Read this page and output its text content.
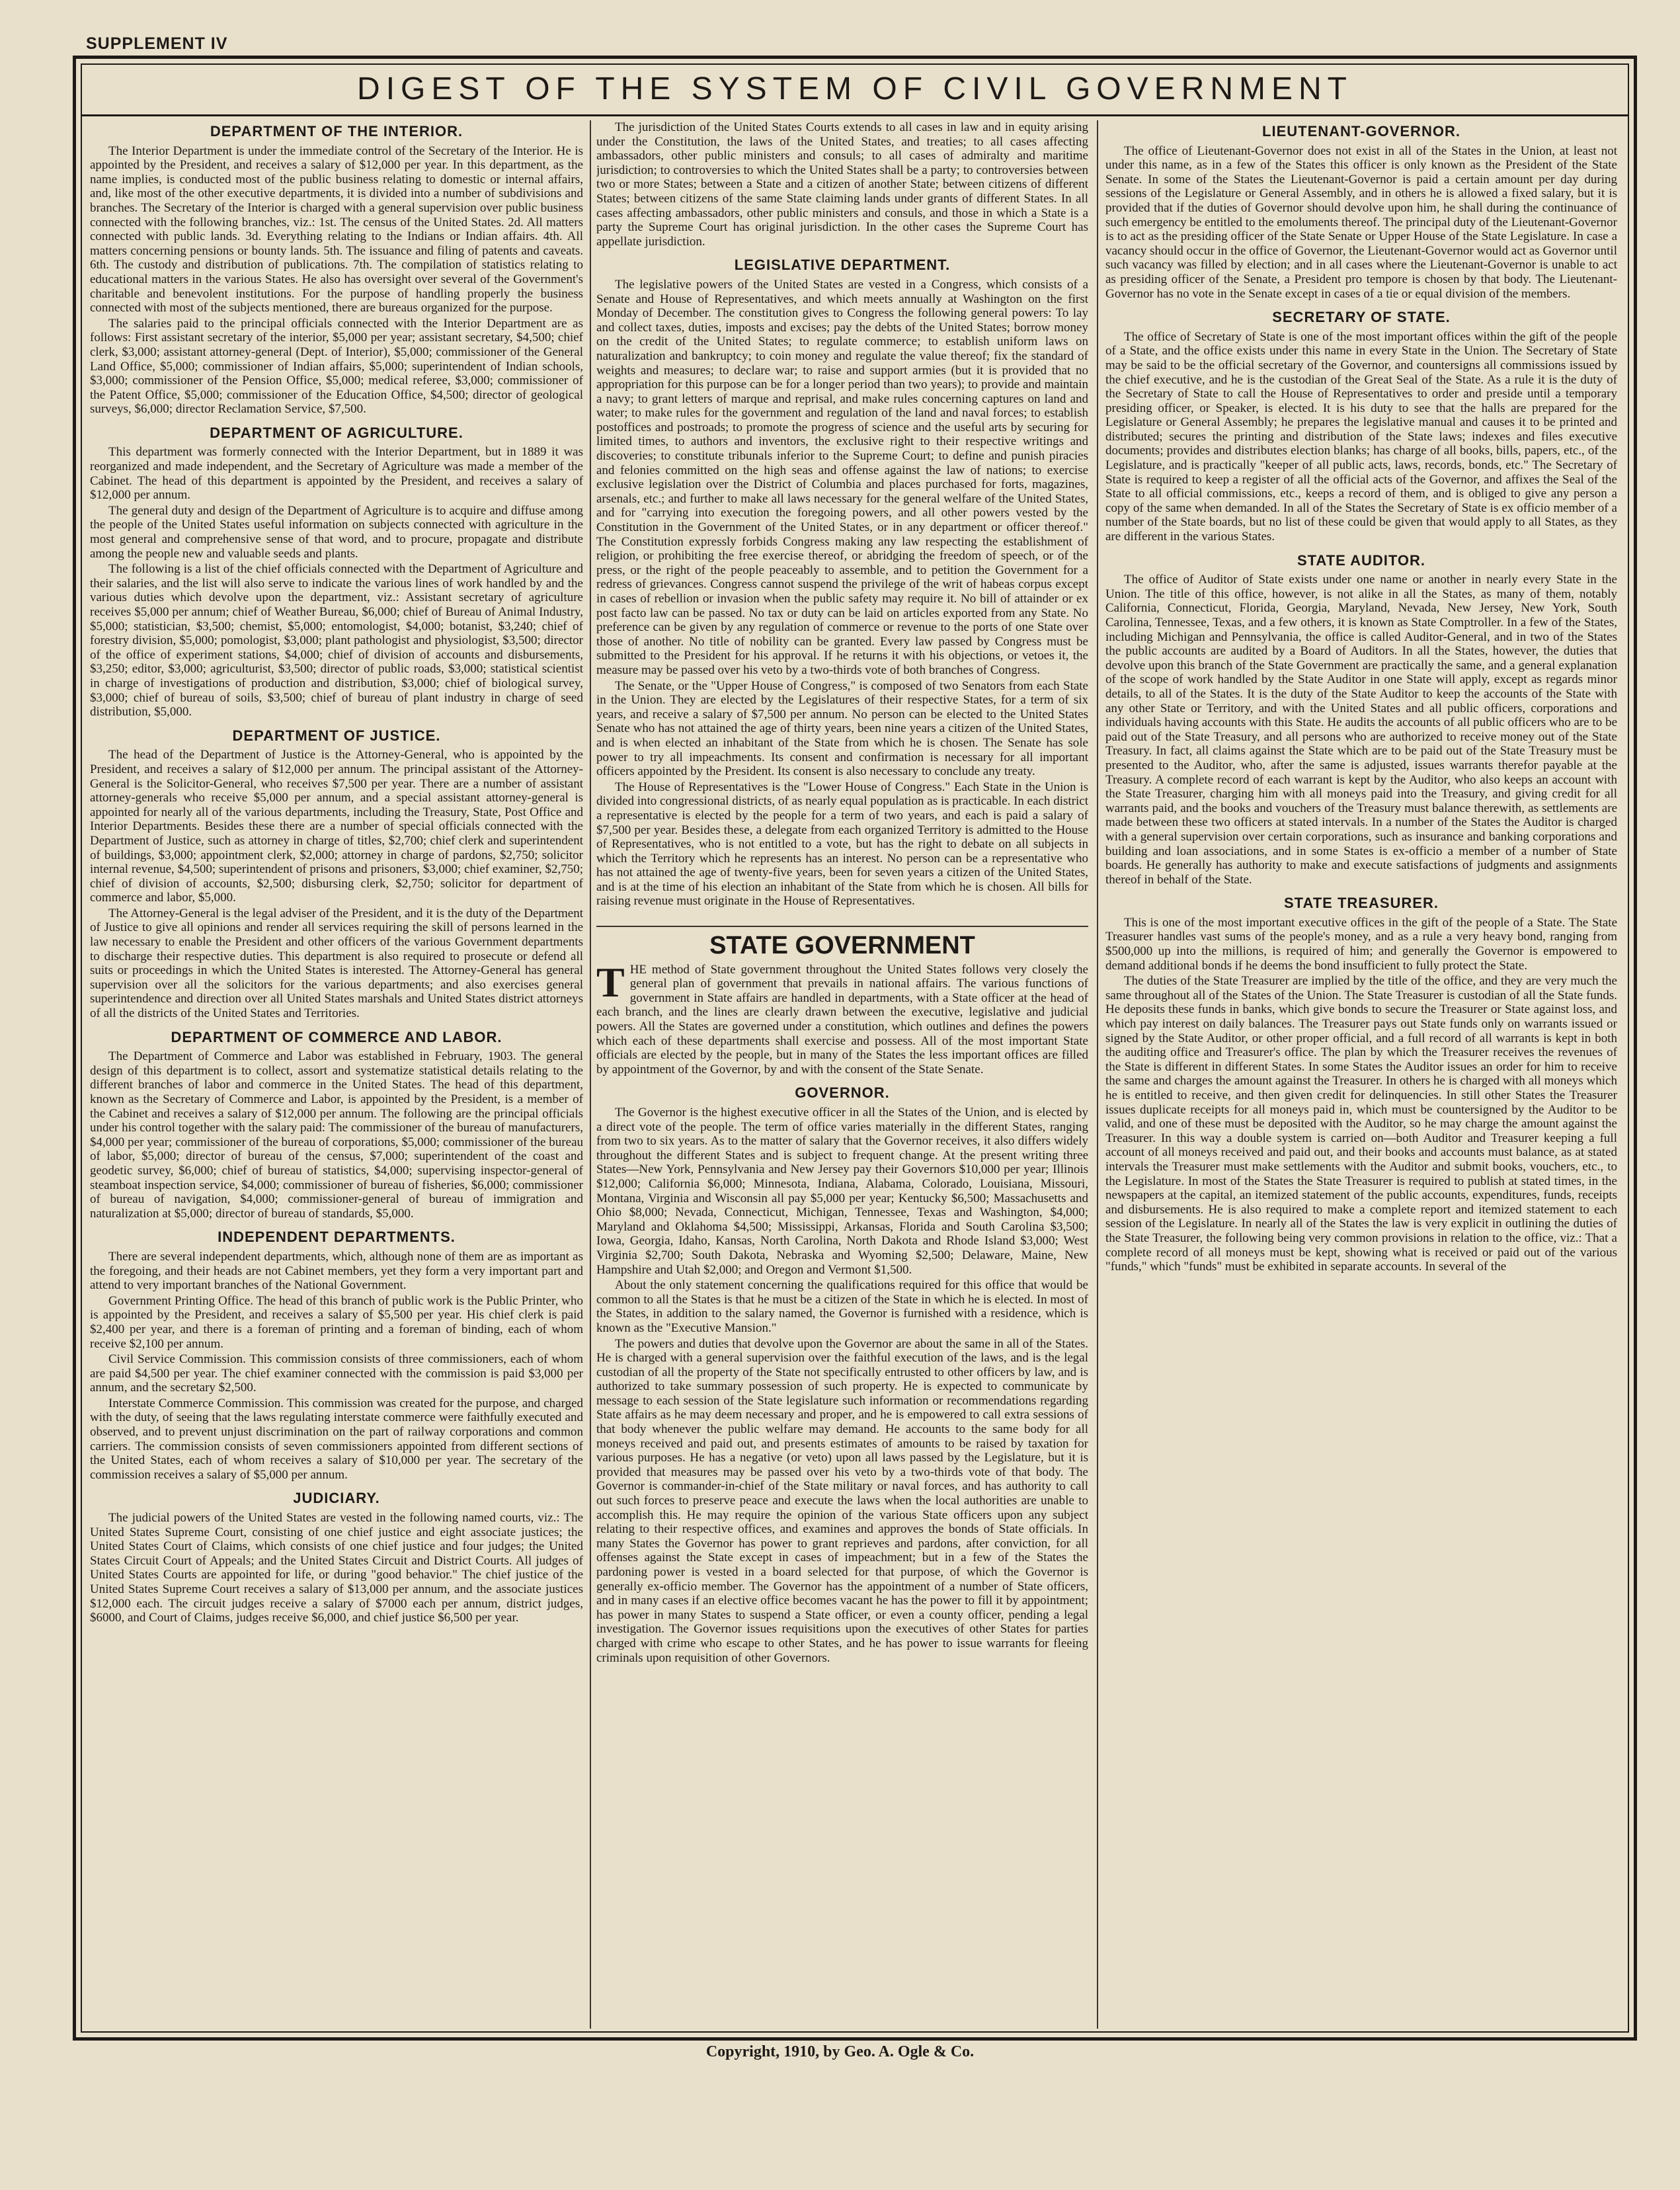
SUPPLEMENT IV
DIGEST OF THE SYSTEM OF CIVIL GOVERNMENT
DEPARTMENT OF THE INTERIOR.

The Interior Department is under the immediate control of the Secretary of the Interior. He is appointed by the President, and receives a salary of $12,000 per year. In this department, as the name implies, is conducted most of the public business relating to domestic or internal affairs, and, like most of the other executive departments, it is divided into a number of subdivisions and branches. The Secretary of the Interior is charged with a general supervision over public business connected with the following branches, viz.: 1st. The census of the United States. 2d. All matters connected with public lands. 3d. Everything relating to the Indians or Indian affairs. 4th. All matters concerning pensions or bounty lands. 5th. The issuance and filing of patents and caveats. 6th. The custody and distribution of publications. 7th. The compilation of statistics relating to educational matters in the various States. He also has oversight over several of the Government's charitable and benevolent institutions. For the purpose of handling properly the business connected with most of the subjects mentioned, there are bureaus organized for the purpose.

The salaries paid to the principal officials connected with the Interior Department are as follows: First assistant secretary of the interior, $5,000 per year; assistant secretary, $4,500; chief clerk, $3,000; assistant attorney-general (Dept. of Interior), $5,000; commissioner of the General Land Office, $5,000; commissioner of Indian affairs, $5,000; superintendent of Indian schools, $3,000; commissioner of the Pension Office, $5,000; medical referee, $3,000; commissioner of the Patent Office, $5,000; commissioner of the Education Office, $4,500; director of geological surveys, $6,000; director Reclamation Service, $7,500.

DEPARTMENT OF AGRICULTURE.

This department was formerly connected with the Interior Department, but in 1889 it was reorganized and made independent, and the Secretary of Agriculture was made a member of the Cabinet. The head of this department is appointed by the President, and receives a salary of $12,000 per annum.

The general duty and design of the Department of Agriculture is to acquire and diffuse among the people of the United States useful information on subjects connected with agriculture in the most general and comprehensive sense of that word, and to procure, propagate and distribute among the people new and valuable seeds and plants.

The following is a list of the chief officials connected with the Department of Agriculture and their salaries, and the list will also serve to indicate the various lines of work handled by and the various duties which devolve upon the department, viz.: Assistant secretary of agriculture receives $5,000 per annum; chief of Weather Bureau, $6,000; chief of Bureau of Animal Industry, $5,000; statistician, $3,500; chemist, $5,000; entomologist, $4,000; botanist, $3,240; chief of forestry division, $5,000; pomologist, $3,000; plant pathologist and physiologist, $3,500; director of the office of experiment stations, $4,000; chief of division of accounts and disbursements, $3,250; editor, $3,000; agriculturist, $3,500; director of public roads, $3,000; statistical scientist in charge of investigations of production and distribution, $3,000; chief of biological survey, $3,000; chief of bureau of soils, $3,500; chief of bureau of plant industry in charge of seed distribution, $5,000.

DEPARTMENT OF JUSTICE.

The head of the Department of Justice is the Attorney-General, who is appointed by the President, and receives a salary of $12,000 per annum. The principal assistant of the Attorney-General is the Solicitor-General, who receives $7,500 per year. There are a number of assistant attorney-generals who receive $5,000 per annum, and a special assistant attorney-general is appointed for nearly all of the various departments, including the Treasury, State, Post Office and Interior Departments. Besides these there are a number of special officials connected with the Department of Justice, such as attorney in charge of titles, $2,700; chief clerk and superintendent of buildings, $3,000; appointment clerk, $2,000; attorney in charge of pardons, $2,750; solicitor internal revenue, $4,500; superintendent of prisons and prisoners, $3,000; chief examiner, $2,750; chief of division of accounts, $2,500; disbursing clerk, $2,750; solicitor for department of commerce and labor, $5,000.

The Attorney-General is the legal adviser of the President, and it is the duty of the Department of Justice to give all opinions and render all services requiring the skill of persons learned in the law necessary to enable the President and other officers of the various Government departments to discharge their respective duties. This department is also required to prosecute or defend all suits or proceedings in which the United States is interested. The Attorney-General has general supervision over all the solicitors for the various departments; and also exercises general superintendence and direction over all United States marshals and United States district attorneys of all the districts of the United States and Territories.

DEPARTMENT OF COMMERCE AND LABOR.

The Department of Commerce and Labor was established in February, 1903. The general design of this department is to collect, assort and systematize statistical details relating to the different branches of labor and commerce in the United States. The head of this department, known as the Secretary of Commerce and Labor, is appointed by the President, is a member of the Cabinet and receives a salary of $12,000 per annum. The following are the principal officials under his control together with the salary paid: The commissioner of the bureau of manufacturers, $4,000 per year; commissioner of the bureau of corporations, $5,000; commissioner of the bureau of labor, $5,000; director of bureau of the census, $7,000; superintendent of the coast and geodetic survey, $6,000; chief of bureau of statistics, $4,000; supervising inspector-general of steamboat inspection service, $4,000; commissioner of bureau of fisheries, $6,000; commissioner of bureau of navigation, $4,000; commissioner-general of bureau of immigration and naturalization at $5,000; director of bureau of standards, $5,000.

INDEPENDENT DEPARTMENTS.

There are several independent departments, which, although none of them are as important as the foregoing, and their heads are not Cabinet members, yet they form a very important part and attend to very important branches of the National Government.

Government Printing Office. The head of this branch of public work is the Public Printer, who is appointed by the President, and receives a salary of $5,500 per year. His chief clerk is paid $2,400 per year, and there is a foreman of printing and a foreman of binding, each of whom receive $2,100 per annum.

Civil Service Commission. This commission consists of three commissioners, each of whom are paid $4,500 per year. The chief examiner connected with the commission is paid $3,000 per annum, and the secretary $2,500.

Interstate Commerce Commission. This commission was created for the purpose, and charged with the duty, of seeing that the laws regulating interstate commerce were faithfully executed and observed, and to prevent unjust discrimination on the part of railway corporations and common carriers. The commission consists of seven commissioners appointed from different sections of the United States, each of whom receives a salary of $10,000 per year. The secretary of the commission receives a salary of $5,000 per annum.

JUDICIARY.

The judicial powers of the United States are vested in the following named courts, viz.: The United States Supreme Court, consisting of one chief justice and eight associate justices; the United States Court of Claims, which consists of one chief justice and four judges; the United States Circuit Court of Appeals; and the United States Circuit and District Courts. All judges of United States Courts are appointed for life, or during "good behavior." The chief justice of the United States Supreme Court receives a salary of $13,000 per annum, and the associate justices $12,000 each. The circuit judges receive a salary of $7000 each per annum, district judges, $6000, and Court of Claims, judges receive $6,000, and chief justice $6,500 per year.

The jurisdiction of the United States Courts extends to all cases in law and in equity arising under the Constitution, the laws of the United States, and treaties; to all cases affecting ambassadors, other public ministers and consuls; to all cases of admiralty and maritime jurisdiction; to controversies to which the United States shall be a party; to controversies between two or more States; between a State and a citizen of another State; between citizens of different States; between citizens of the same State claiming lands under grants of different States. In all cases affecting ambassadors, other public ministers and consuls, and those in which a State is a party the Supreme Court has original jurisdiction. In the other cases the Supreme Court has appellate jurisdiction.

LEGISLATIVE DEPARTMENT.

The legislative powers of the United States are vested in a Congress, which consists of a Senate and House of Representatives, and which meets annually at Washington on the first Monday of December. The constitution gives to Congress the following general powers: To lay and collect taxes, duties, imposts and excises; pay the debts of the United States; borrow money on the credit of the United States; to regulate commerce; to establish uniform laws on naturalization and bankruptcy; to coin money and regulate the value thereof; fix the standard of weights and measures; to declare war; to raise and support armies (but it is provided that no appropriation for this purpose can be for a longer period than two years); to provide and maintain a navy; to grant letters of marque and reprisal, and make rules concerning captures on land and water; to make rules for the government and regulation of the land and naval forces; to establish postoffices and postroads; to promote the progress of science and the useful arts by securing for limited times, to authors and inventors, the exclusive right to their respective writings and discoveries; to constitute tribunals inferior to the Supreme Court; to define and punish piracies and felonies committed on the high seas and offense against the law of nations; to exercise exclusive legislation over the District of Columbia and places purchased for forts, magazines, arsenals, etc.; and further to make all laws necessary for the general welfare of the United States, and for "carrying into execution the foregoing powers, and all other powers vested by the Constitution in the Government of the United States, or in any department or officer thereof." The Constitution expressly forbids Congress making any law respecting the establishment of religion, or prohibiting the free exercise thereof, or abridging the freedom of speech, or of the press, or the right of the people peaceably to assemble, and to petition the Government for a redress of grievances. Congress cannot suspend the privilege of the writ of habeas corpus except in cases of rebellion or invasion when the public safety may require it. No bill of attainder or ex post facto law can be passed. No tax or duty can be laid on articles exported from any State. No preference can be given by any regulation of commerce or revenue to the ports of one State over those of another. No title of nobility can be granted. Every law passed by Congress must be submitted to the President for his approval. If he returns it with his objections, or vetoes it, the measure may be passed over his veto by a two-thirds vote of both branches of Congress.

The Senate, or the "Upper House of Congress," is composed of two Senators from each State in the Union. They are elected by the Legislatures of their respective States, for a term of six years, and receive a salary of $7,500 per annum. No person can be elected to the United States Senate who has not attained the age of thirty years, been nine years a citizen of the United States, and is when elected an inhabitant of the State from which he is chosen. The Senate has sole power to try all impeachments. Its consent and confirmation is necessary for all important officers appointed by the President. Its consent is also necessary to conclude any treaty.

The House of Representatives is the "Lower House of Congress." Each State in the Union is divided into congressional districts, of as nearly equal population as is practicable. In each district a representative is elected by the people for a term of two years, and each is paid a salary of $7,500 per year. Besides these, a delegate from each organized Territory is admitted to the House of Representatives, who is not entitled to a vote, but has the right to debate on all subjects in which the Territory which he represents has an interest. No person can be a representative who has not attained the age of twenty-five years, been for seven years a citizen of the United States, and is at the time of his election an inhabitant of the State from which he is chosen. All bills for raising revenue must originate in the House of Representatives.

STATE GOVERNMENT

THE method of State government throughout the United States follows very closely the general plan of government that prevails in national affairs. The various functions of government in State affairs are handled in departments, with a State officer at the head of each branch, and the lines are clearly drawn between the executive, legislative and judicial powers. All the States are governed under a constitution, which outlines and defines the powers which each of these departments shall exercise and possess. All of the most important State officials are elected by the people, but in many of the States the less important offices are filled by appointment of the Governor, by and with the consent of the State Senate.

GOVERNOR.

The Governor is the highest executive officer in all the States of the Union, and is elected by a direct vote of the people. The term of office varies materially in the different States, ranging from two to six years. As to the matter of salary that the Governor receives, it also differs widely throughout the different States and is subject to frequent change. At the present writing three States—New York, Pennsylvania and New Jersey pay their Governors $10,000 per year; Illinois $12,000; California $6,000; Minnesota, Indiana, Alabama, Colorado, Louisiana, Missouri, Montana, Virginia and Wisconsin all pay $5,000 per year; Kentucky $6,500; Massachusetts and Ohio $8,000; Nevada, Connecticut, Michigan, Tennessee, Texas and Washington, $4,000; Maryland and Oklahoma $4,500; Mississippi, Arkansas, Florida and South Carolina $3,500; Iowa, Georgia, Idaho, Kansas, North Carolina, North Dakota and Rhode Island $3,000; West Virginia $2,700; South Dakota, Nebraska and Wyoming $2,500; Delaware, Maine, New Hampshire and Utah $2,000; and Oregon and Vermont $1,500.

About the only statement concerning the qualifications required for this office that would be common to all the States is that he must be a citizen of the State in which he is elected. In most of the States, in addition to the salary named, the Governor is furnished with a residence, which is known as the "Executive Mansion."

The powers and duties that devolve upon the Governor are about the same in all of the States. He is charged with a general supervision over the faithful execution of the laws, and is the legal custodian of all the property of the State not specifically entrusted to other officers by law, and is authorized to take summary possession of such property. He is expected to communicate by message to each session of the State legislature such information or recommendations regarding State affairs as he may deem necessary and proper, and he is empowered to call extra sessions of that body whenever the public welfare may demand. He accounts to the same body for all moneys received and paid out, and presents estimates of amounts to be raised by taxation for various purposes. He has a negative (or veto) upon all laws passed by the Legislature, but it is provided that measures may be passed over his veto by a two-thirds vote of that body. The Governor is commander-in-chief of the State military or naval forces, and has authority to call out such forces to preserve peace and execute the laws when the local authorities are unable to accomplish this. He may require the opinion of the various State officers upon any subject relating to their respective offices, and examines and approves the bonds of State officials. In many States the Governor has power to grant reprieves and pardons, after conviction, for all offenses against the State except in cases of impeachment; but in a few of the States the pardoning power is vested in a board selected for that purpose, of which the Governor is generally ex-officio member. The Governor has the appointment of a number of State officers, and in many cases if an elective office becomes vacant he has the power to fill it by appointment; has power in many States to suspend a State officer, or even a county officer, pending a legal investigation. The Governor issues requisitions upon the executives of other States for parties charged with crime who escape to other States, and he has power to issue warrants for fleeing criminals upon requisition of other Governors.

LIEUTENANT-GOVERNOR.

The office of Lieutenant-Governor does not exist in all of the States in the Union, at least not under this name, as in a few of the States this officer is only known as the President of the State Senate. In some of the States the Lieutenant-Governor is paid a certain amount per day during sessions of the Legislature or General Assembly, and in others he is allowed a fixed salary, but it is provided that if the duties of Governor should devolve upon him, he shall during the continuance of such emergency be entitled to the emoluments thereof. The principal duty of the Lieutenant-Governor is to act as the presiding officer of the State Senate or Upper House of the State Legislature. In case a vacancy should occur in the office of Governor, the Lieutenant-Governor would act as Governor until such vacancy was filled by election; and in all cases where the Lieutenant-Governor is unable to act as presiding officer of the Senate, a President pro tempore is chosen by that body. The Lieutenant-Governor has no vote in the Senate except in cases of a tie or equal division of the members.

SECRETARY OF STATE.

The office of Secretary of State is one of the most important offices within the gift of the people of a State, and the office exists under this name in every State in the Union. The Secretary of State may be said to be the official secretary of the Governor, and countersigns all commissions issued by the chief executive, and he is the custodian of the Great Seal of the State. As a rule it is the duty of the Secretary of State to call the House of Representatives to order and preside until a temporary presiding officer, or Speaker, is elected. It is his duty to see that the halls are prepared for the Legislature or General Assembly; he prepares the legislative manual and causes it to be printed and distributed; secures the printing and distribution of the State laws; indexes and files executive documents; provides and distributes election blanks; has charge of all books, bills, papers, etc., of the Legislature, and is practically "keeper of all public acts, laws, records, bonds, etc." The Secretary of State is required to keep a register of all the official acts of the Governor, and affixes the Seal of the State to all official commissions, etc., keeps a record of them, and is obliged to give any person a copy of the same when demanded. In all of the States the Secretary of State is ex officio member of a number of the State boards, but no list of these could be given that would apply to all States, as they are different in the various States.

STATE AUDITOR.

The office of Auditor of State exists under one name or another in nearly every State in the Union. The title of this office, however, is not alike in all the States, as many of them, notably California, Connecticut, Florida, Georgia, Maryland, Nevada, New Jersey, New York, South Carolina, Tennessee, Texas, and a few others, it is known as State Comptroller. In a few of the States, including Michigan and Pennsylvania, the office is called Auditor-General, and in two of the States the public accounts are audited by a Board of Auditors. In all the States, however, the duties that devolve upon this branch of the State Government are practically the same, and a general explanation of the scope of work handled by the State Auditor in one State will apply, except as regards minor details, to all of the States. It is the duty of the State Auditor to keep the accounts of the State with any other State or Territory, and with the United States and all public officers, corporations and individuals having accounts with this State. He audits the accounts of all public officers who are to be paid out of the State Treasury, and all persons who are authorized to receive money out of the State Treasury. In fact, all claims against the State which are to be paid out of the State Treasury must be presented to the Auditor, who, after the same is adjusted, issues warrants therefor payable at the Treasury. A complete record of each warrant is kept by the Auditor, who also keeps an account with the State Treasurer, charging him with all moneys paid into the Treasury, and giving credit for all warrants paid, and the books and vouchers of the Treasury must balance therewith, as settlements are made between these two officers at stated intervals. In a number of the States the Auditor is charged with a general supervision over certain corporations, such as insurance and banking corporations and building and loan associations, and in some States is ex-officio a member of a number of State boards. He generally has authority to make and execute satisfactions of judgments and assignments thereof in behalf of the State.

STATE TREASURER.

This is one of the most important executive offices in the gift of the people of a State. The State Treasurer handles vast sums of the people's money, and as a rule a very heavy bond, ranging from $500,000 up into the millions, is required of him; and generally the Governor is empowered to demand additional bonds if he deems the bond insufficient to fully protect the State.

The duties of the State Treasurer are implied by the title of the office, and they are very much the same throughout all of the States of the Union. The State Treasurer is custodian of all the State funds. He deposits these funds in banks, which give bonds to secure the Treasurer or State against loss, and which pay interest on daily balances. The Treasurer pays out State funds only on warrants issued or signed by the State Auditor, or other proper official, and a full record of all warrants is kept in both the auditing office and Treasurer's office. The plan by which the Treasurer receives the revenues of the State is different in different States. In some States the Auditor issues an order for him to receive the same and charges the amount against the Treasurer. In others he is charged with all moneys which he is entitled to receive, and then given credit for delinquencies. In still other States the Treasurer issues duplicate receipts for all moneys paid in, which must be countersigned by the Auditor to be valid, and one of these must be deposited with the Auditor, so he may charge the amount against the Treasurer. In this way a double system is carried on—both Auditor and Treasurer keeping a full account of all moneys received and paid out, and their books and accounts must balance, as at stated intervals the Treasurer must make settlements with the Auditor and submit books, vouchers, etc., to the Legislature. In most of the States the State Treasurer is required to publish at stated times, in the newspapers at the capital, an itemized statement of the public accounts, expenditures, funds, receipts and disbursements. He is also required to make a complete report and itemized statement to each session of the Legislature. In nearly all of the States the law is very explicit in outlining the duties of the State Treasurer, the following being very common provisions in relation to the office, viz.: That a complete record of all moneys must be kept, showing what is received or paid out of the various "funds," which "funds" must be exhibited in separate accounts. In several of the

Copyright, 1910, by Geo. A. Ogle & Co.
